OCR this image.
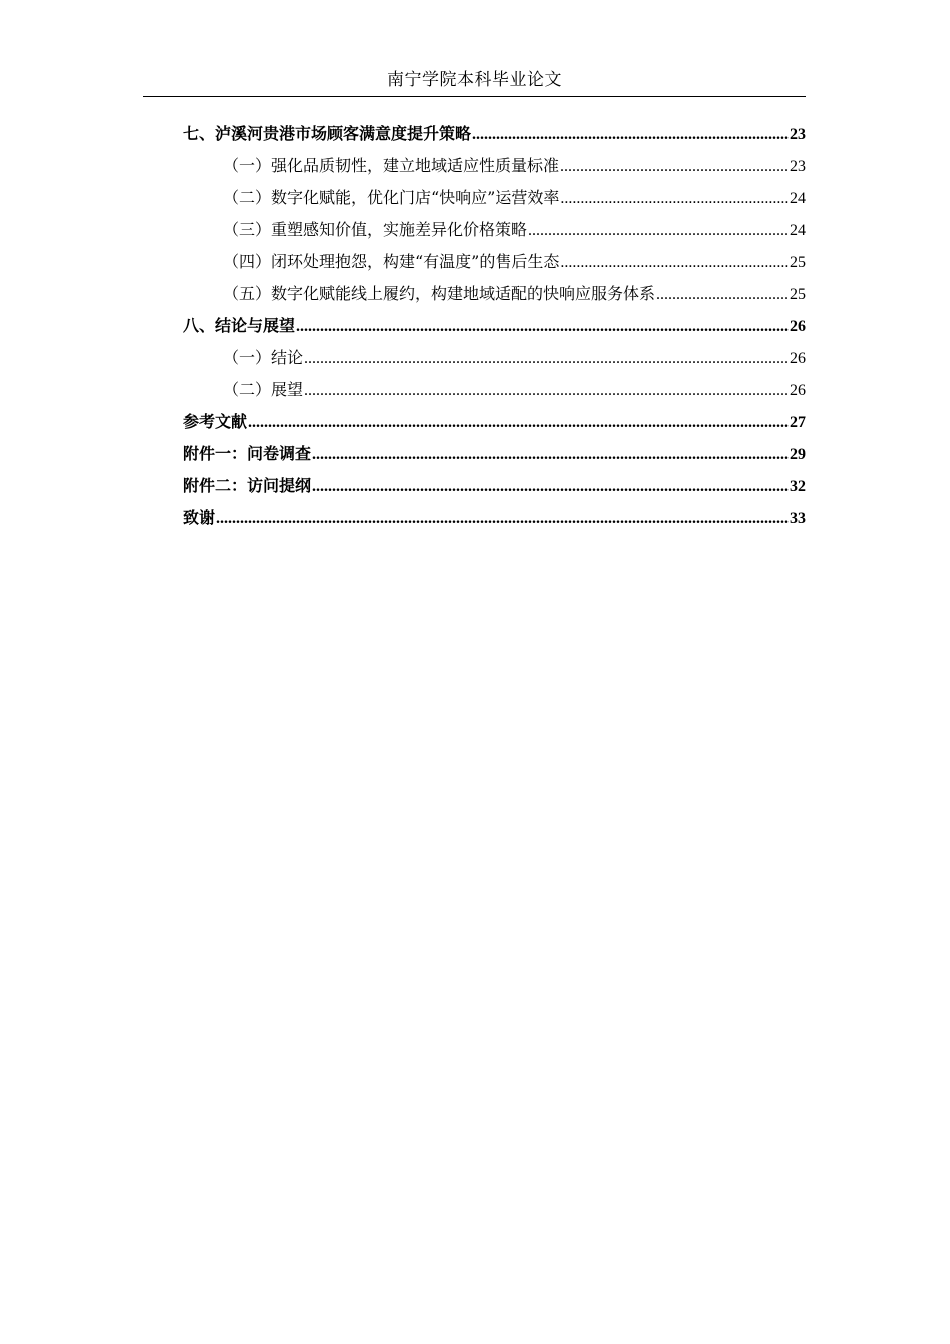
南宁学院本科毕业论文
七、泸溪河贵港市场顾客满意度提升策略 .....	23
（一）强化品质韧性，建立地域适应性质量标准 .....	23
（二）数字化赋能，优化门店“快响应”运营效率 .....	24
（三）重塑感知价值，实施差异化价格策略 .....	24
（四）闭环处理抱怨，构建“有温度”的售后生态 .....	25
（五）数字化赋能线上履约，构建地域适配的快响应服务体系 .....	25
八、结论与展望 .....	26
（一）结论 .....	26
（二）展望 .....	26
参考文献 .....	27
附件一：问卷调查 .....	29
附件二：访问提纲 .....	32
致谢 .....	33
